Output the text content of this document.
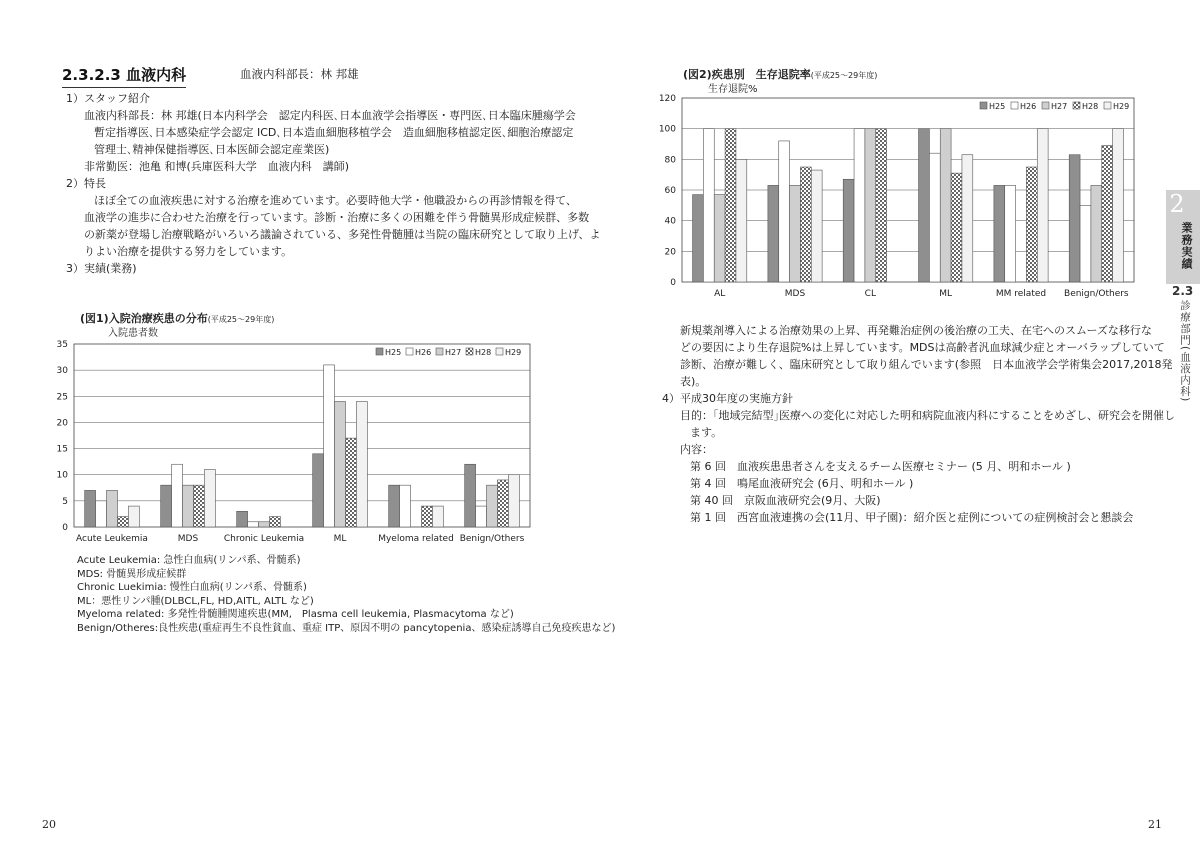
2.3.2.3 血液内科	血液内科部長：林 邦雄
1）スタッフ紹介
血液内科部長：林 邦雄(日本内科学会　認定内科医､日本血液学会指導医・専門医､日本臨床腫瘍学会
暫定指導医､日本感染症学会認定 ICD､日本造血細胞移植学会　造血細胞移植認定医､細胞治療認定
管理士､精神保健指導医､日本医師会認定産業医)
非常勤医：池亀 和博(兵庫医科大学　血液内科　講師)
2）特長
ほぼ全ての血液疾患に対する治療を進めています。必要時他大学・他職設からの再診情報を得て、
血液学の進歩に合わせた治療を行っています。診断・治療に多くの困難を伴う骨髄異形成症候群、多数
の新薬が登場し治療戦略がいろいろ議論されている、多発性骨髄腫は当院の臨床研究として取り上げ、よ
りよい治療を提供する努力をしています。
3）実績(業務)
(図1)入院治療疾患の分布(平成25～29年度)
入院患者数
0
5
10
15
20
25
30
35
Acute Leukemia	MDS	Chronic Leukemia	ML	Myeloma related Benign/Others
H25 H26 H27 H28 H29
Acute Leukemia: 急性白血病(リンパ系、骨髄系)
MDS: 骨髄異形成症候群
Chronic Luekimia: 慢性白血病(リンパ系、骨髄系)
ML：悪性リンパ腫(DLBCL,FL, HD,AITL, ALTL など)
Myeloma related: 多発性骨髄腫関連疾患(MM,　Plasma cell leukemia, Plasmacytoma など)
Benign/Otheres:良性疾患(重症再生不良性貧血、重症 ITP、原因不明の pancytopenia、感染症誘導自己免疫疾患など)
20
(図2)疾患別　生存退院率(平成25～29年度)
生存退院%
0
20
40
60
80
100
120
AL	MDS	CL	ML	MM related Benign/Others
H25 H26 H27 H28 H29
新規薬剤導入による治療効果の上昇、再発難治症例の後治療の工夫、在宅へのスムーズな移行な
どの要因により生存退院%は上昇しています。MDSは高齢者汎血球減少症とオーバラップしていて
診断、治療が難しく、臨床研究として取り組んでいます(参照　日本血液学会学術集会2017,2018発
表)。
4）平成30年度の実施方針
目的：｢地域完結型｣医療への変化に対応した明和病院血液内科にすることをめざし、研究会を開催し
ます。
内容：
第 6 回　血液疾患患者さんを支えるチーム医療セミナー (5 月、明和ホール )
第 4 回　鳴尾血液研究会 (6月、明和ホール )
第 40 回　京阪血液研究会(9月、大阪)
第 1 回　西宮血液連携の会(11月、甲子園)：紹介医と症例についての症例検討会と懇談会
2
業務実績
2.3
診療部門(血液内科)
21
